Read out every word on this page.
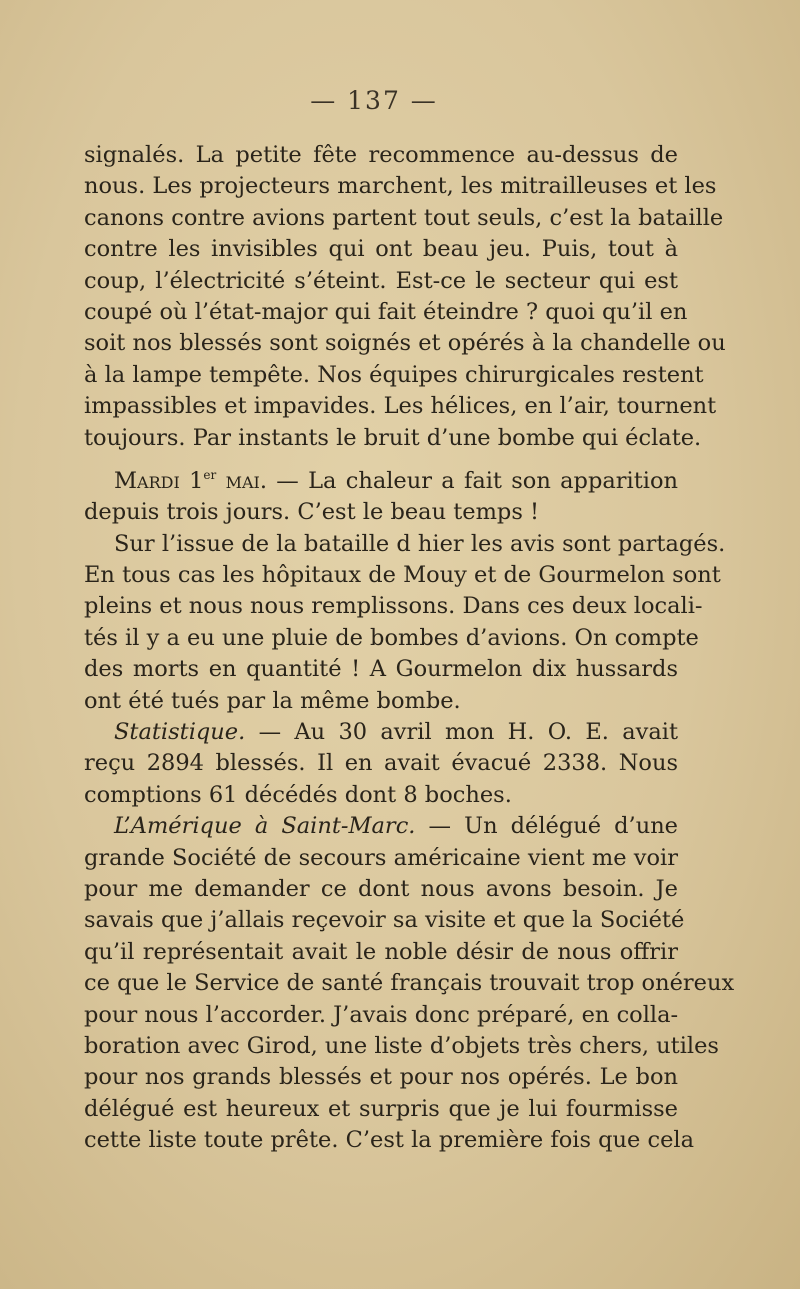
— 137 —
signalés. La petite fête recommence au-dessus de
nous. Les projecteurs marchent, les mitrailleuses et les
canons contre avions partent tout seuls, c’est la bataille
contre les invisibles qui ont beau jeu. Puis, tout à
coup, l’électricité s’éteint. Est-ce le secteur qui est
coupé où l’état-major qui fait éteindre ? quoi qu’il en
soit nos blessés sont soignés et opérés à la chandelle ou
à la lampe tempête. Nos équipes chirurgicales restent
impassibles et impavides. Les hélices, en l’air, tournent
toujours. Par instants le bruit d’une bombe qui éclate.
Mardi 1er mai. — La chaleur a fait son apparition
depuis trois jours. C’est le beau temps !
Sur l’issue de la bataille d hier les avis sont partagés.
En tous cas les hôpitaux de Mouy et de Gourmelon sont
pleins et nous nous remplissons. Dans ces deux locali-
tés il y a eu une pluie de bombes d’avions. On compte
des morts en quantité ! A Gourmelon dix hussards
ont été tués par la même bombe.
Statistique. — Au 30 avril mon H. O. E. avait
reçu 2894 blessés. Il en avait évacué 2338. Nous
comptions 61 décédés dont 8 boches.
L’Amérique à Saint-Marc. — Un délégué d’une
grande Société de secours américaine vient me voir
pour me demander ce dont nous avons besoin. Je
savais que j’allais reçevoir sa visite et que la Société
qu’il représentait avait le noble désir de nous offrir
ce que le Service de santé français trouvait trop onéreux
pour nous l’accorder. J’avais donc préparé, en colla-
boration avec Girod, une liste d’objets très chers, utiles
pour nos grands blessés et pour nos opérés. Le bon
délégué est heureux et surpris que je lui fourmisse
cette liste toute prête. C’est la première fois que cela
